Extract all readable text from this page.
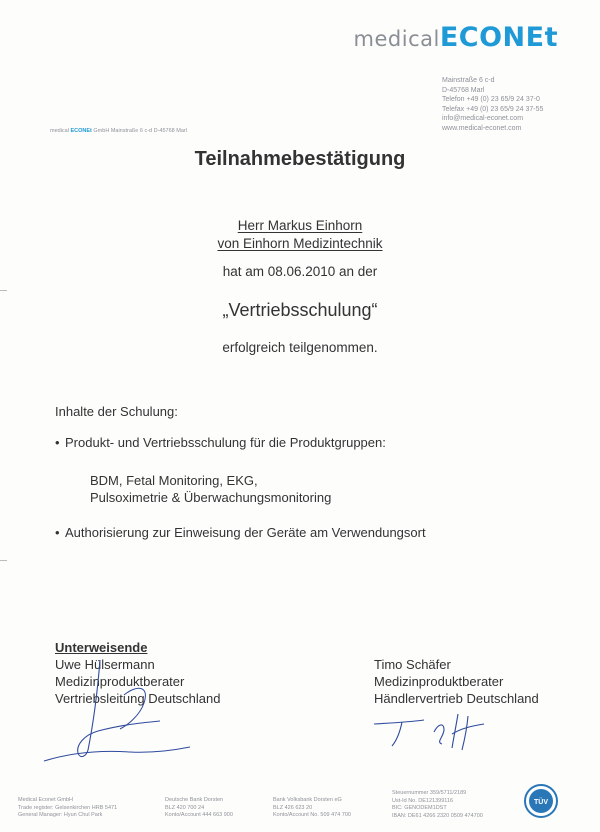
medicalECONEt
Mainstraße 6 c-d
D-45768 Marl
Telefon +49 (0) 23 65/9 24 37-0
Telefax +49 (0) 23 65/9 24 37-55
info@medical-econet.com
www.medical-econet.com
medical ECONEt GmbH Mainstraße 6 c-d D-45768 Marl
Teilnahmebestätigung
Herr Markus Einhorn
von Einhorn Medizintechnik
hat am 08.06.2010 an der
„Vertriebsschulung“
erfolgreich teilgenommen.
Inhalte der Schulung:
• Produkt- und Vertriebsschulung für die Produktgruppen:
BDM, Fetal Monitoring, EKG,
Pulsoximetrie & Überwachungsmonitoring
• Authorisierung zur Einweisung der Geräte am Verwendungsort
Unterweisende
Uwe Hülsermann
Medizinproduktberater
Vertriebsleitung Deutschland
Timo Schäfer
Medizinproduktberater
Händlervertrieb Deutschland
Medical Econet GmbH
Trade register: Gelsenkirchen HRB 5471
General Manager: Hyun Chul Park
Deutsche Bank Dorsten
BLZ 420 700 24
Konto/Account 444 663 900
Bank Volksbank Dorsten eG
BLZ 426 623 20
Konto/Account No. 509 474 700
Steuernummer 359/5711/2189
Ust-Id No. DE121399116
BIC: GENODEM1DST
IBAN: DE61 4266 2320 0509 474700
TÜV
